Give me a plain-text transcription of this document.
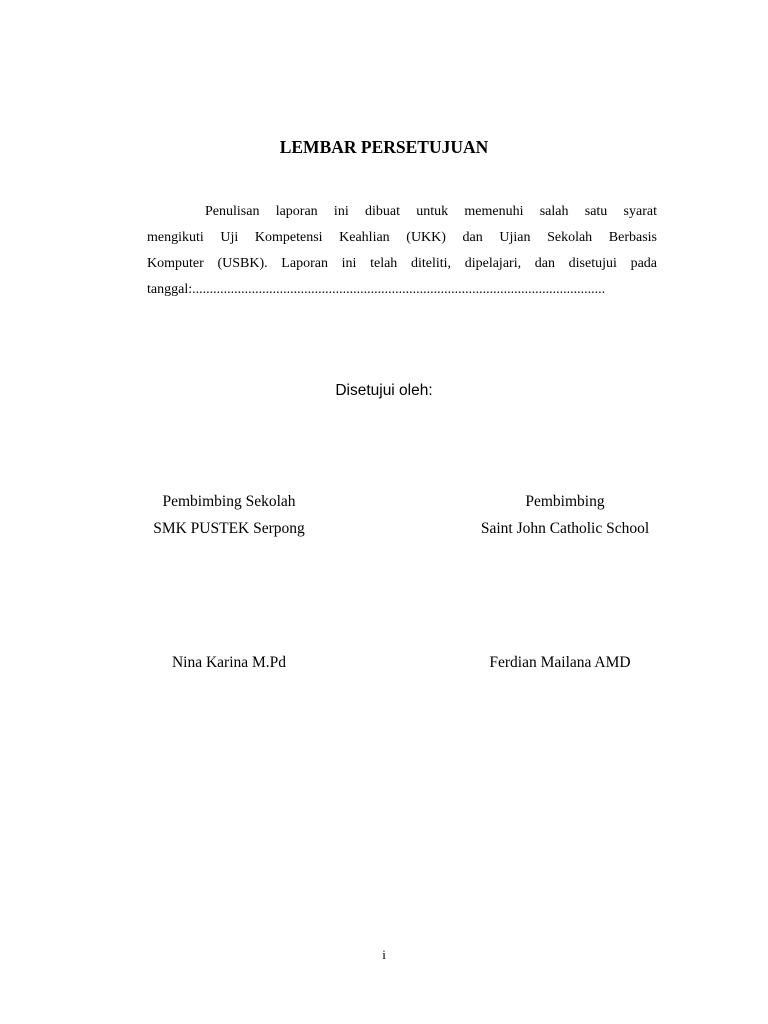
LEMBAR PERSETUJUAN
Penulisan laporan ini dibuat untuk memenuhi salah satu syarat
mengikuti Uji Kompetensi Keahlian (UKK) dan Ujian Sekolah Berbasis
Komputer (USBK). Laporan ini telah diteliti, dipelajari, dan disetujui pada
tanggal:......................................................................................................................
Disetujui oleh:
Pembimbing Sekolah
SMK PUSTEK Serpong
Pembimbing
Saint John Catholic School
Nina Karina M.Pd	Ferdian Mailana AMD
i
